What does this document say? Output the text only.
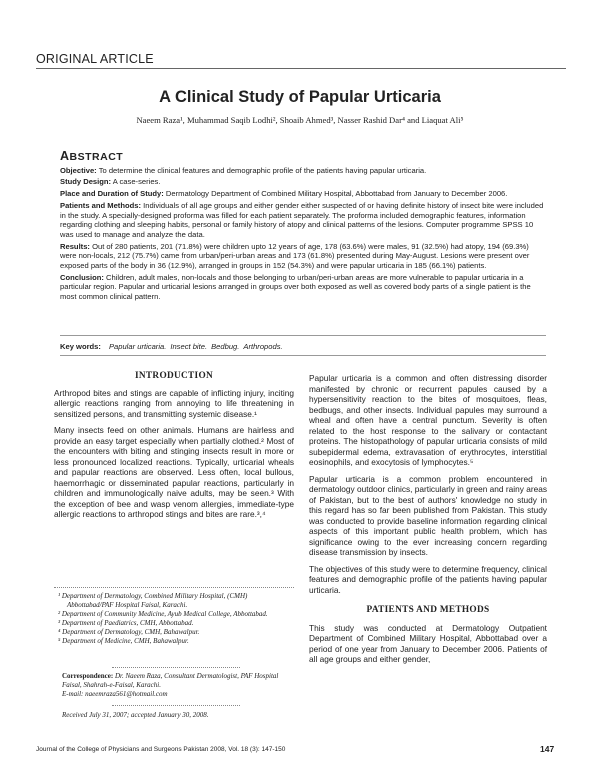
ORIGINAL ARTICLE
A Clinical Study of Papular Urticaria
Naeem Raza¹, Muhammad Saqib Lodhi², Shoaib Ahmed³, Nasser Rashid Dar⁴ and Liaquat Ali⁵
ABSTRACT

Objective: To determine the clinical features and demographic profile of the patients having papular urticaria.

Study Design: A case-series.

Place and Duration of Study: Dermatology Department of Combined Military Hospital, Abbottabad from January to December 2006.

Patients and Methods: Individuals of all age groups and either gender either suspected of or having definite history of insect bite were included in the study. A specially-designed proforma was filled for each patient separately. The proforma included demographic features, information regarding clothing and sleeping habits, personal or family history of atopy and clinical patterns of the lesions. Computer programme SPSS 10 was used to manage and analyze the data.

Results: Out of 280 patients, 201 (71.8%) were children upto 12 years of age, 178 (63.6%) were males, 91 (32.5%) had atopy, 194 (69.3%) were non-locals, 212 (75.7%) came from urban/peri-urban areas and 173 (61.8%) presented during May-August. Lesions were present over exposed parts of the body in 36 (12.9%), arranged in groups in 152 (54.3%) and were papular urticaria in 185 (66.1%) patients.

Conclusion: Children, adult males, non-locals and those belonging to urban/peri-urban areas are more vulnerable to papular urticaria in a particular region. Papular and urticarial lesions arranged in groups over both exposed as well as covered body parts of a single patient is the most common clinical pattern.

Key words: Papular urticaria. Insect bite. Bedbug. Arthropods.
INTRODUCTION

Arthropod bites and stings are capable of inflicting injury, inciting allergic reactions ranging from annoying to life threatening in sensitized persons, and transmitting systemic disease.¹

Many insects feed on other animals. Humans are hairless and provide an easy target especially when partially clothed.² Most of the encounters with biting and stinging insects result in more or less pronounced localized reactions. Typically, urticarial wheals and papular reactions are observed. Less often, local bullous, haemorrhagic or disseminated papular reactions, particularly in children and immunologically naive adults, may be seen.³ With the exception of bee and wasp venom allergies, immediate-type allergic reactions to arthropod stings and bites are rare.³,⁴

¹ Department of Dermatology, Combined Military Hospital, (CMH) Abbottabad/PAF Hospital Faisal, Karachi.

² Department of Community Medicine, Ayub Medical College, Abbottabad.

³ Department of Paediatrics, CMH, Abbottabad.

⁴ Department of Dermatology, CMH, Bahawalpur.

⁵ Department of Medicine, CMH, Bahawalpur.

Correspondence: Dr. Naeem Raza, Consultant Dermatologist, PAF Hospital Faisal, Shahrah-e-Faisal, Karachi.

E-mail: naeemraza561@hotmail.com

Received July 31, 2007; accepted January 30, 2008.

Papular urticaria is a common and often distressing disorder manifested by chronic or recurrent papules caused by a hypersensitivity reaction to the bites of mosquitoes, fleas, bedbugs, and other insects. Individual papules may surround a wheal and often have a central punctum. Severity is often related to the host response to the salivary or contactant proteins. The histopathology of papular urticaria consists of mild subepidermal edema, extravasation of erythrocytes, interstitial eosinophils, and exocytosis of lymphocytes.⁵

Papular urticaria is a common problem encountered in dermatology outdoor clinics, particularly in green and rainy areas of Pakistan, but to the best of authors' knowledge no study in this regard has so far been published from Pakistan. This study was conducted to provide baseline information regarding clinical aspects of this important public health problem, which has significance owing to the ever increasing concern regarding disease transmission by insects.

The objectives of this study were to determine frequency, clinical features and demographic profile of the patients having papular urticaria.

PATIENTS AND METHODS

This study was conducted at Dermatology Outpatient Department of Combined Military Hospital, Abbottabad over a period of one year from January to December 2006. Patients of all age groups and either gender,

Journal of the College of Physicians and Surgeons Pakistan 2008, Vol. 18 (3): 147-150	147
